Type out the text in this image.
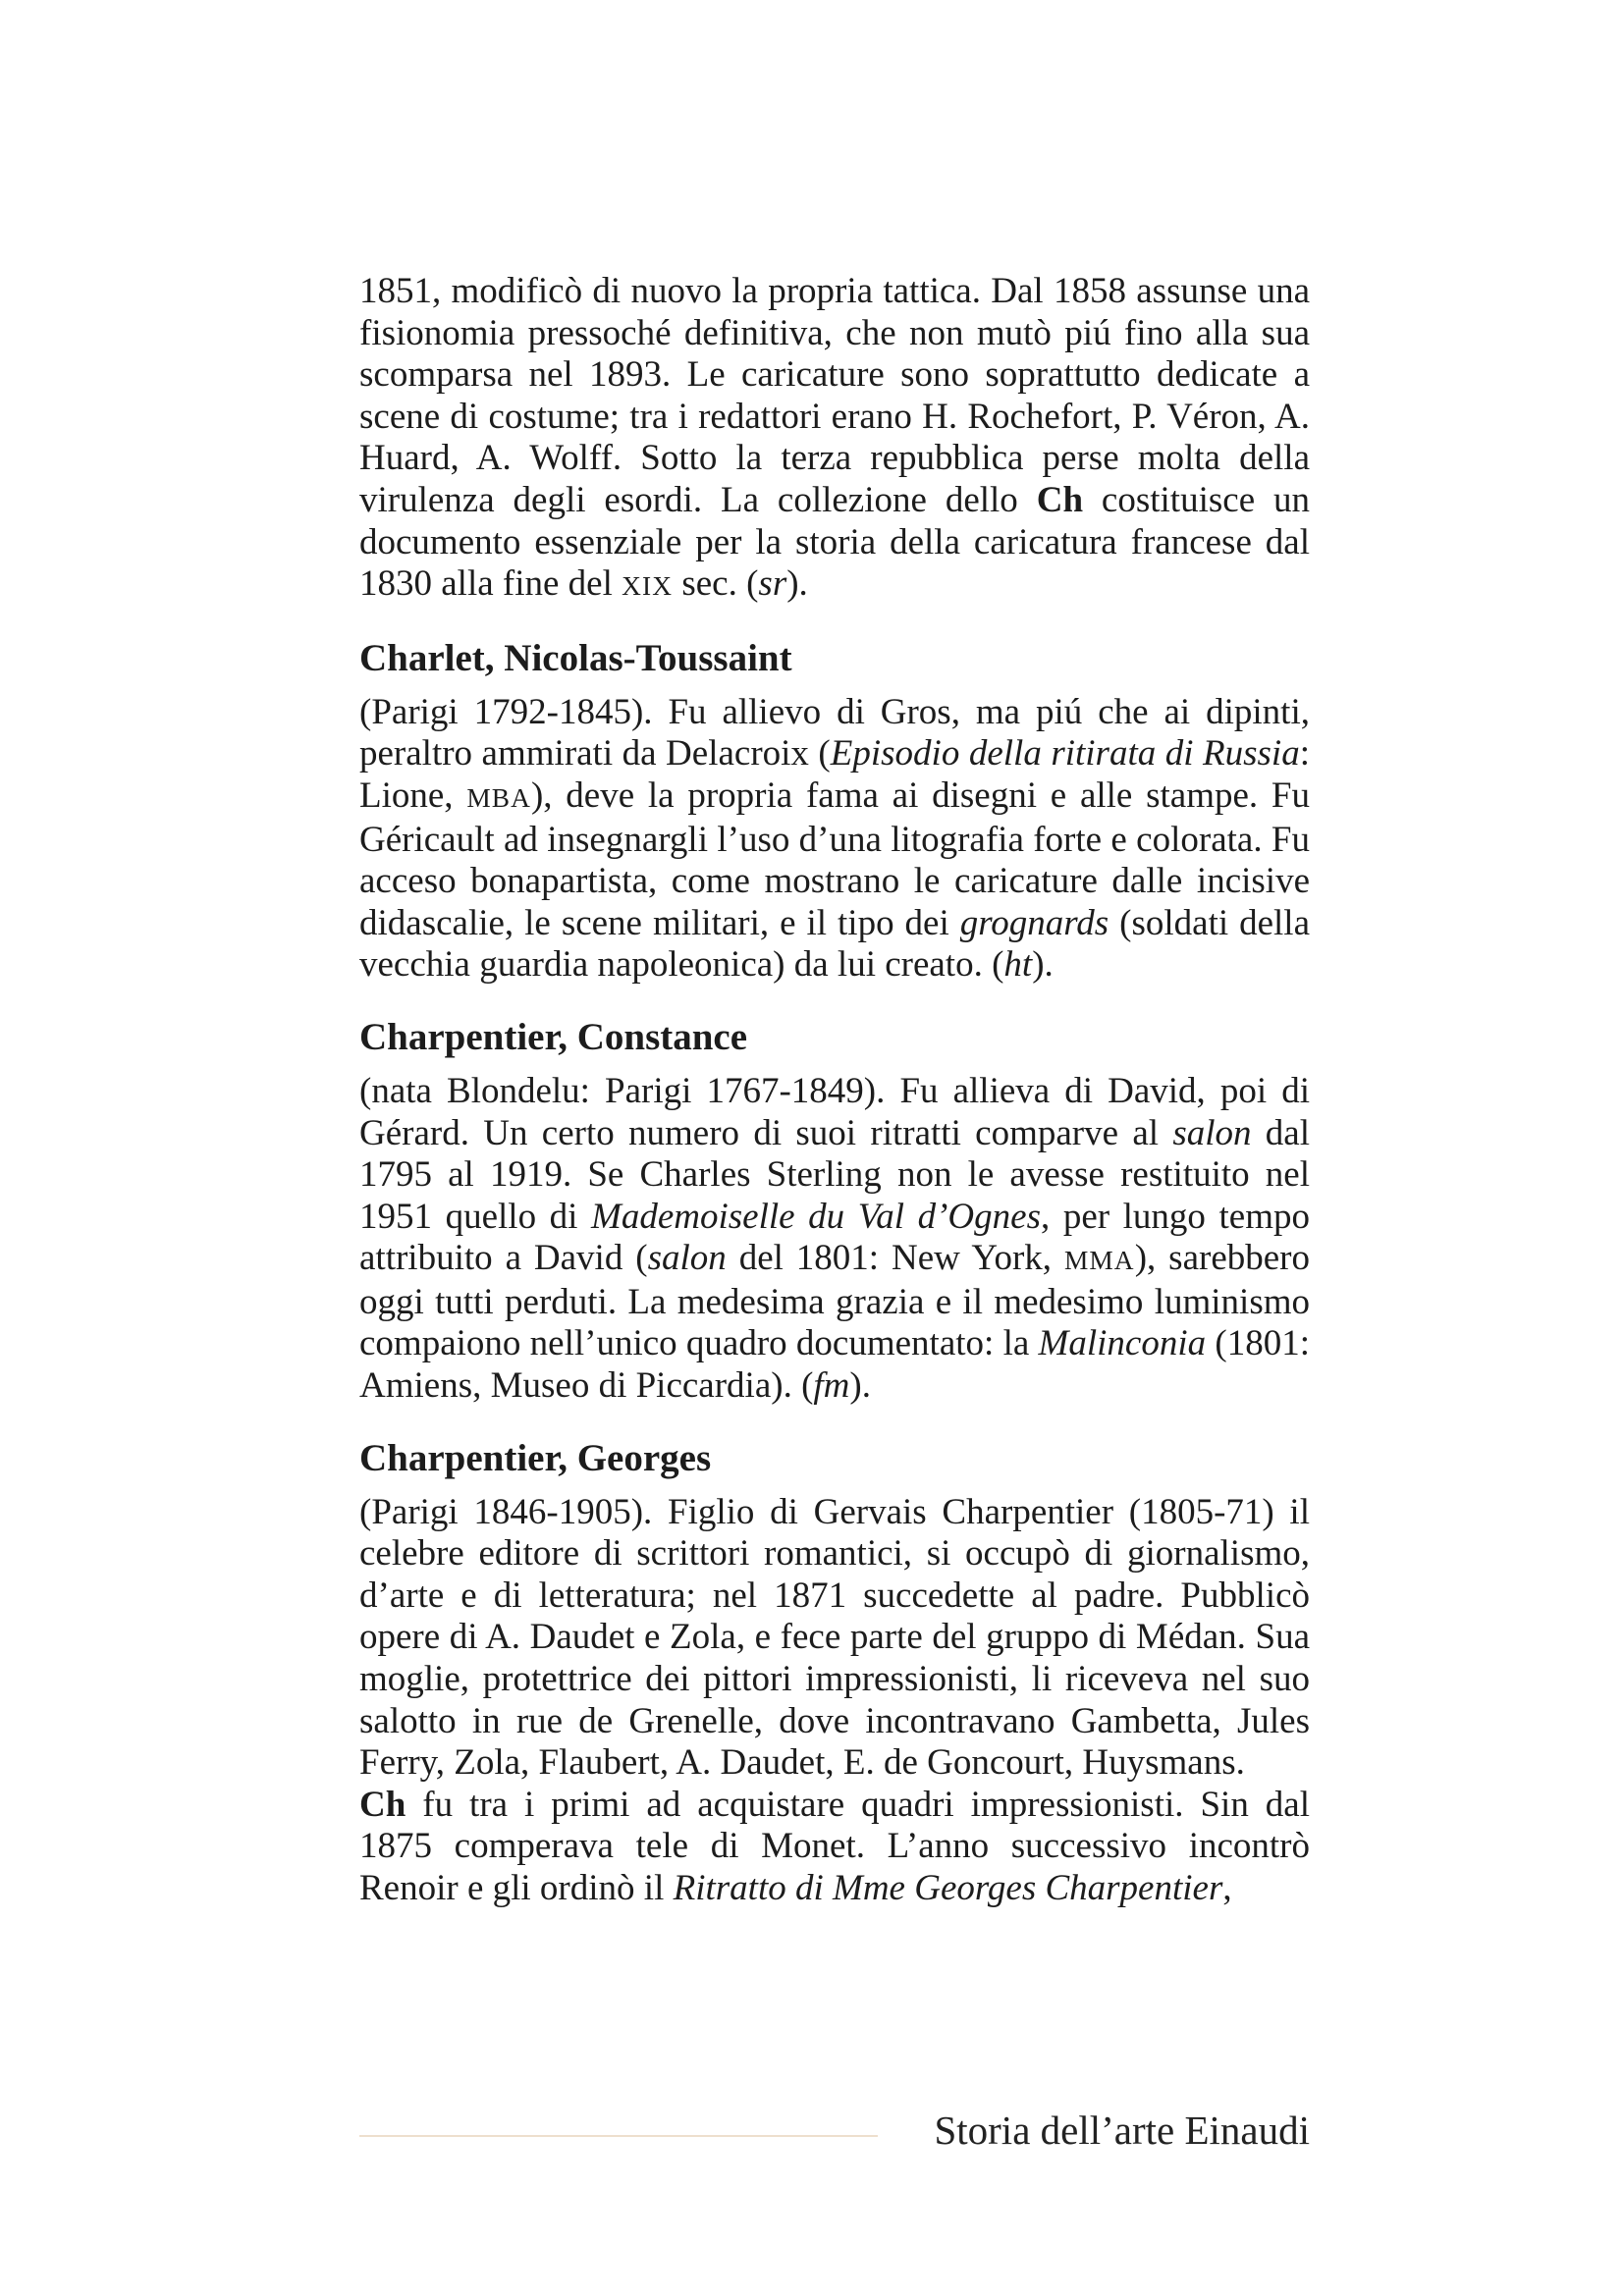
1851, modificò di nuovo la propria tattica. Dal 1858 assunse una fisionomia pressoché definitiva, che non mutò piú fino alla sua scomparsa nel 1893. Le caricature sono soprattutto dedicate a scene di costume; tra i redattori erano H. Rochefort, P. Véron, A. Huard, A. Wolff. Sotto la terza repubblica perse molta della virulenza degli esordi. La collezione dello Ch costituisce un documento essenziale per la storia della caricatura francese dal 1830 alla fine del XIX sec. (sr).

Charlet, Nicolas-Toussaint

(Parigi 1792-1845). Fu allievo di Gros, ma piú che ai dipinti, peraltro ammirati da Delacroix (Episodio della ritirata di Russia: Lione, MBA), deve la propria fama ai disegni e alle stampe. Fu Géricault ad insegnargli l’uso d’una litografia forte e colorata. Fu acceso bonapartista, come mostrano le caricature dalle incisive didascalie, le scene militari, e il tipo dei grognards (soldati della vecchia guardia napoleonica) da lui creato. (ht).

Charpentier, Constance

(nata Blondelu: Parigi 1767-1849). Fu allieva di David, poi di Gérard. Un certo numero di suoi ritratti comparve al salon dal 1795 al 1919. Se Charles Sterling non le avesse restituito nel 1951 quello di Mademoiselle du Val d’Ognes, per lungo tempo attribuito a David (salon del 1801: New York, MMA), sarebbero oggi tutti perduti. La medesima grazia e il medesimo luminismo compaiono nell’unico quadro documentato: la Malinconia (1801: Amiens, Museo di Piccardia). (fm).

Charpentier, Georges

(Parigi 1846-1905). Figlio di Gervais Charpentier (1805-71) il celebre editore di scrittori romantici, si occupò di giornalismo, d’arte e di letteratura; nel 1871 succedette al padre. Pubblicò opere di A. Daudet e Zola, e fece parte del gruppo di Médan. Sua moglie, protettrice dei pittori impressionisti, li riceveva nel suo salotto in rue de Grenelle, dove incontravano Gambetta, Jules Ferry, Zola, Flaubert, A. Daudet, E. de Goncourt, Huysmans.

Ch fu tra i primi ad acquistare quadri impressionisti. Sin dal 1875 comperava tele di Monet. L’anno successivo incontrò Renoir e gli ordinò il Ritratto di Mme Georges Charpentier,

Storia dell’arte Einaudi
